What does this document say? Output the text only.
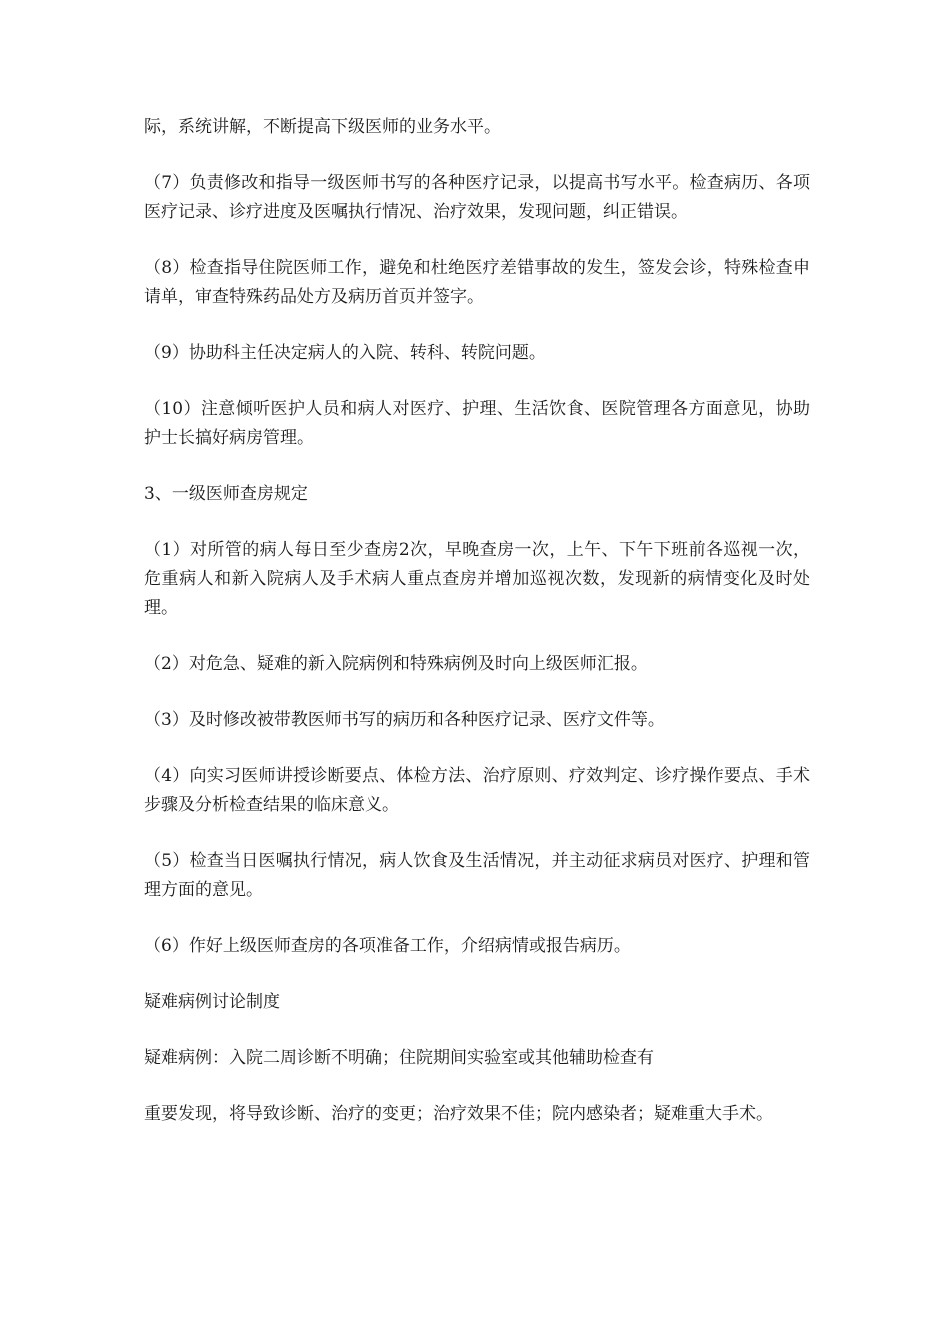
际，系统讲解，不断提高下级医师的业务水平。

（7）负责修改和指导一级医师书写的各种医疗记录，以提高书写水平。检查病历、各项医疗记录、诊疗进度及医嘱执行情况、治疗效果，发现问题，纠正错误。

（8）检查指导住院医师工作，避免和杜绝医疗差错事故的发生，签发会诊，特殊检查申请单，审查特殊药品处方及病历首页并签字。

（9）协助科主任决定病人的入院、转科、转院问题。

（10）注意倾听医护人员和病人对医疗、护理、生活饮食、医院管理各方面意见，协助护士长搞好病房管理。

3、一级医师查房规定

（1）对所管的病人每日至少查房2次，早晚查房一次，上午、下午下班前各巡视一次，危重病人和新入院病人及手术病人重点查房并增加巡视次数，发现新的病情变化及时处理。

（2）对危急、疑难的新入院病例和特殊病例及时向上级医师汇报。

（3）及时修改被带教医师书写的病历和各种医疗记录、医疗文件等。

（4）向实习医师讲授诊断要点、体检方法、治疗原则、疗效判定、诊疗操作要点、手术步骤及分析检查结果的临床意义。

（5）检查当日医嘱执行情况，病人饮食及生活情况，并主动征求病员对医疗、护理和管理方面的意见。

（6）作好上级医师查房的各项准备工作，介绍病情或报告病历。

疑难病例讨论制度

疑难病例：入院二周诊断不明确；住院期间实验室或其他辅助检查有

重要发现，将导致诊断、治疗的变更；治疗效果不佳；院内感染者；疑难重大手术。
